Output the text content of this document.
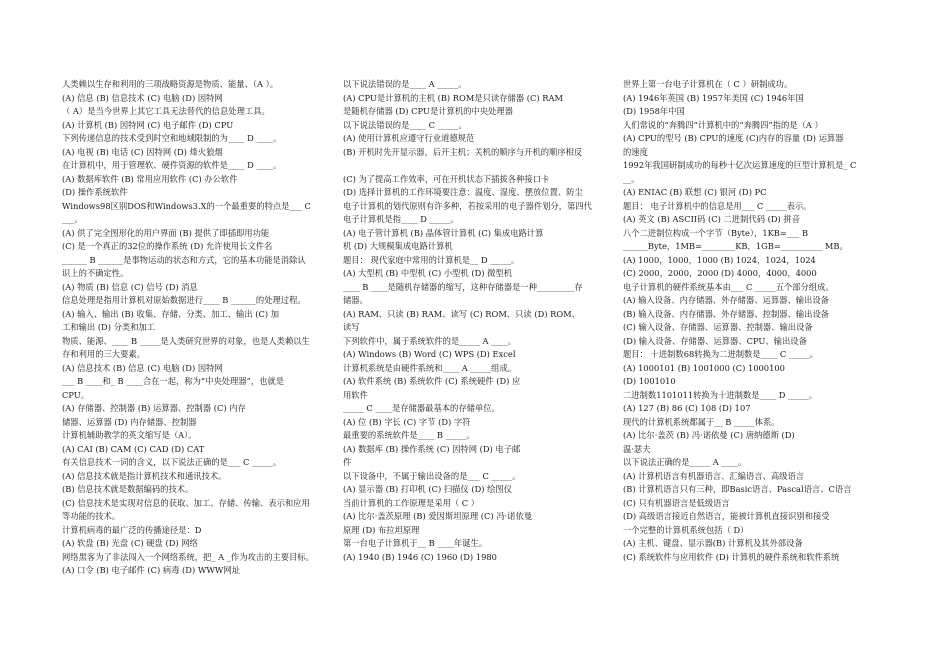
人类赖以生存和利用的三项战略资源是物质、能量、（A ）。
(A) 信息 (B) 信息技术 (C) 电脑 (D) 因特网
（ A）是当今世界上其它工具无法替代的信息处理工具。
(A) 计算机 (B) 因特网 (C) 电子邮件 (D) CPU
下列传递信息的技术受到时空和地域限制的为____ D ____。
(A) 电视 (B) 电话 (C) 因特网 (D) 烽火狼烟
在计算机中，用于管理软、硬件资源的软件是____ D ____。
(A) 数据库软件 (B) 常用应用软件 (C) 办公软件
(D) 操作系统软件
Windows98区别DOS和Windows3.X的一个最重要的特点是___ C
___。
(A) 供了完全图形化的用户界面 (B) 提供了即插即用功能
(C) 是一个真正的32位的操作系统 (D) 允许使用长文件名
______ B ______是事物运动的状态和方式，它的基本功能是消除认
识上的不确定性。
(A) 物质 (B) 信息 (C) 信号 (D) 消息
信息处理是指用计算机对原始数据进行____ B ______的处理过程。
(A) 输入、输出 (B) 收集、存储、分类、加工、输出 (C) 加
工和输出 (D) 分类和加工
物质、能源、____ B _____是人类研究世界的对象，也是人类赖以生
存和利用的三大要素。
(A) 信息技术 (B) 信息 (C) 电脑 (D) 因特网
___ B ____和_ B ____合在一起，称为“中央处理器”，也就是
CPU。
(A) 存储器、控制器 (B) 运算器、控制器 (C) 内存
储器、运算器 (D) 内存储器、控制器
计算机辅助教学的英文缩写是（A）。
(A) CAI (B) CAM (C) CAD (D) CAT
有关信息技术一词的含义，以下说法正确的是___ C _____。
(A) 信息技术就是指计算机技术和通讯技术。
(B) 信息技术就是数据编码的技术。
(C) 信息技术是实现对信息的获取、加工、存储、传输、表示和应用
等功能的技术。
计算机病毒的最广泛的传播途径是：D
(A) 软盘 (B) 光盘 (C) 硬盘 (D) 网络
网络黑客为了非法闯入一个网络系统，把_ A _作为攻击的主要目标。
(A) 口令 (B) 电子邮件 (C) 病毒 (D) WWW网址
以下说法错误的是____ A _____。
(A) CPU是计算机的主机 (B) ROM是只读存储器 (C) RAM
是随机存储器 (D) CPU是计算机的中央处理器
以下说法错误的是____ C _____。
(A) 使用计算机应遵守行业道德规范
(B) 开机时先开显示器，后开主机；关机的顺序与开机的顺序相反
(C) 为了提高工作效率，可在开机状态下插拔各种接口卡
(D) 选择计算机的工作环境要注意：温度、湿度、摆放位置、防尘
电子计算机的划代原则有许多种，若按采用的电子器件划分，第四代
电子计算机是指____ D _____。
(A) 电子管计算机 (B) 晶体管计算机 (C) 集成电路计算
机 (D) 大规模集成电路计算机
题目： 现代家庭中常用的计算机是__ D _____。
(A) 大型机 (B) 中型机 (C) 小型机 (D) 微型机
____ B ____是随机存储器的缩写，这种存储器是一种_________存
储器。
(A) RAM、只读 (B) RAM、读写 (C) ROM、只读 (D) ROM、
读写
下列软件中，属于系统软件的是_____ A ____。
(A) Windows (B) Word (C) WPS (D) Excel
计算机系统是由硬件系统和____ A _____组成。
(A) 软件系统 (B) 系统软件 (C) 系统硬件 (D) 应
用软件
_____ C ____是存储器最基本的存储单位。
(A) 位 (B) 字长 (C) 字节 (D) 字符
最重要的系统软件是____ B _____。
(A) 数据库 (B) 操作系统 (C) 因特网 (D) 电子邮
件
以下设备中，不属于输出设备的是___ C _____。
(A) 显示器 (B) 打印机 (C) 扫描仪 (D) 绘图仪
当前计算机的工作原理是采用（ C ）
(A) 比尔·盖茨原理 (B) 爱因斯坦原理 (C) 冯·诺依曼
原理 (D) 布拉坦原理
第一台电子计算机于__ B ____年诞生。
(A) 1940 (B) 1946 (C) 1960 (D) 1980
世界上第一台电子计算机在（ C ）研制成功。
(A) 1946年英国 (B) 1957年美国 (C) 1946年国
(D) 1958年中国
人们常说的“奔腾四”计算机中的“奔腾四”指的是（A ）
(A) CPU的型号 (B) CPU的速度 (C)内存的容量 (D) 运算器
的速度
1992年我国研制成功的每秒十亿次运算速度的巨型计算机是_ C
__。
(A) ENIAC (B) 联想 (C) 银河 (D) PC
题目： 电子计算机中的信息是用___ C _____表示。
(A) 英文 (B) ASCII码 (C) 二进制代码 (D) 拼音
八个二进制位构成一个字节（Byte），1KB=___ B
______Byte，1MB=________KB，1GB=__________ MB。
(A) 1000，1000，1000 (B) 1024，1024，1024
(C) 2000，2000，2000 (D) 4000，4000，4000
电子计算机的硬件系统基本由___ C _____五个部分组成。
(A) 输入设备、内存储器、外存储器、运算器、输出设备
(B) 输入设备、内存储器、外存储器、控制器、输出设备
(C) 输入设备、存储器、运算器、控制器、输出设备
(D) 输入设备、存储器、运算器、CPU、输出设备
题目： 十进制数68转换为二进制数是____ C _____。
(A) 1000101 (B) 1001000 (C) 1000100
(D) 1001010
二进制数1101011转换为十进制数是____ D _____。
(A) 127 (B) 86 (C) 108 (D) 107
现代的计算机系统都属于__ B _____体系。
(A) 比尔·盖茨 (B) 冯·诺依曼 (C) 唐纳德斯 (D)
温·瑟夫
以下说法正确的是_____ A ____。
(A) 计算机语言有机器语言、汇编语言、高级语言
(B) 计算机语言只有三种，即Basic语言、Pascal语言、C语言
(C) 只有机器语言是低级语言
(D) 高级语言接近自然语言，能被计算机直接识别和接受
一个完整的计算机系统包括（ D）
(A) 主机、键盘、显示器(B) 计算机及其外部设备
(C) 系统软件与应用软件 (D) 计算机的硬件系统和软件系统
